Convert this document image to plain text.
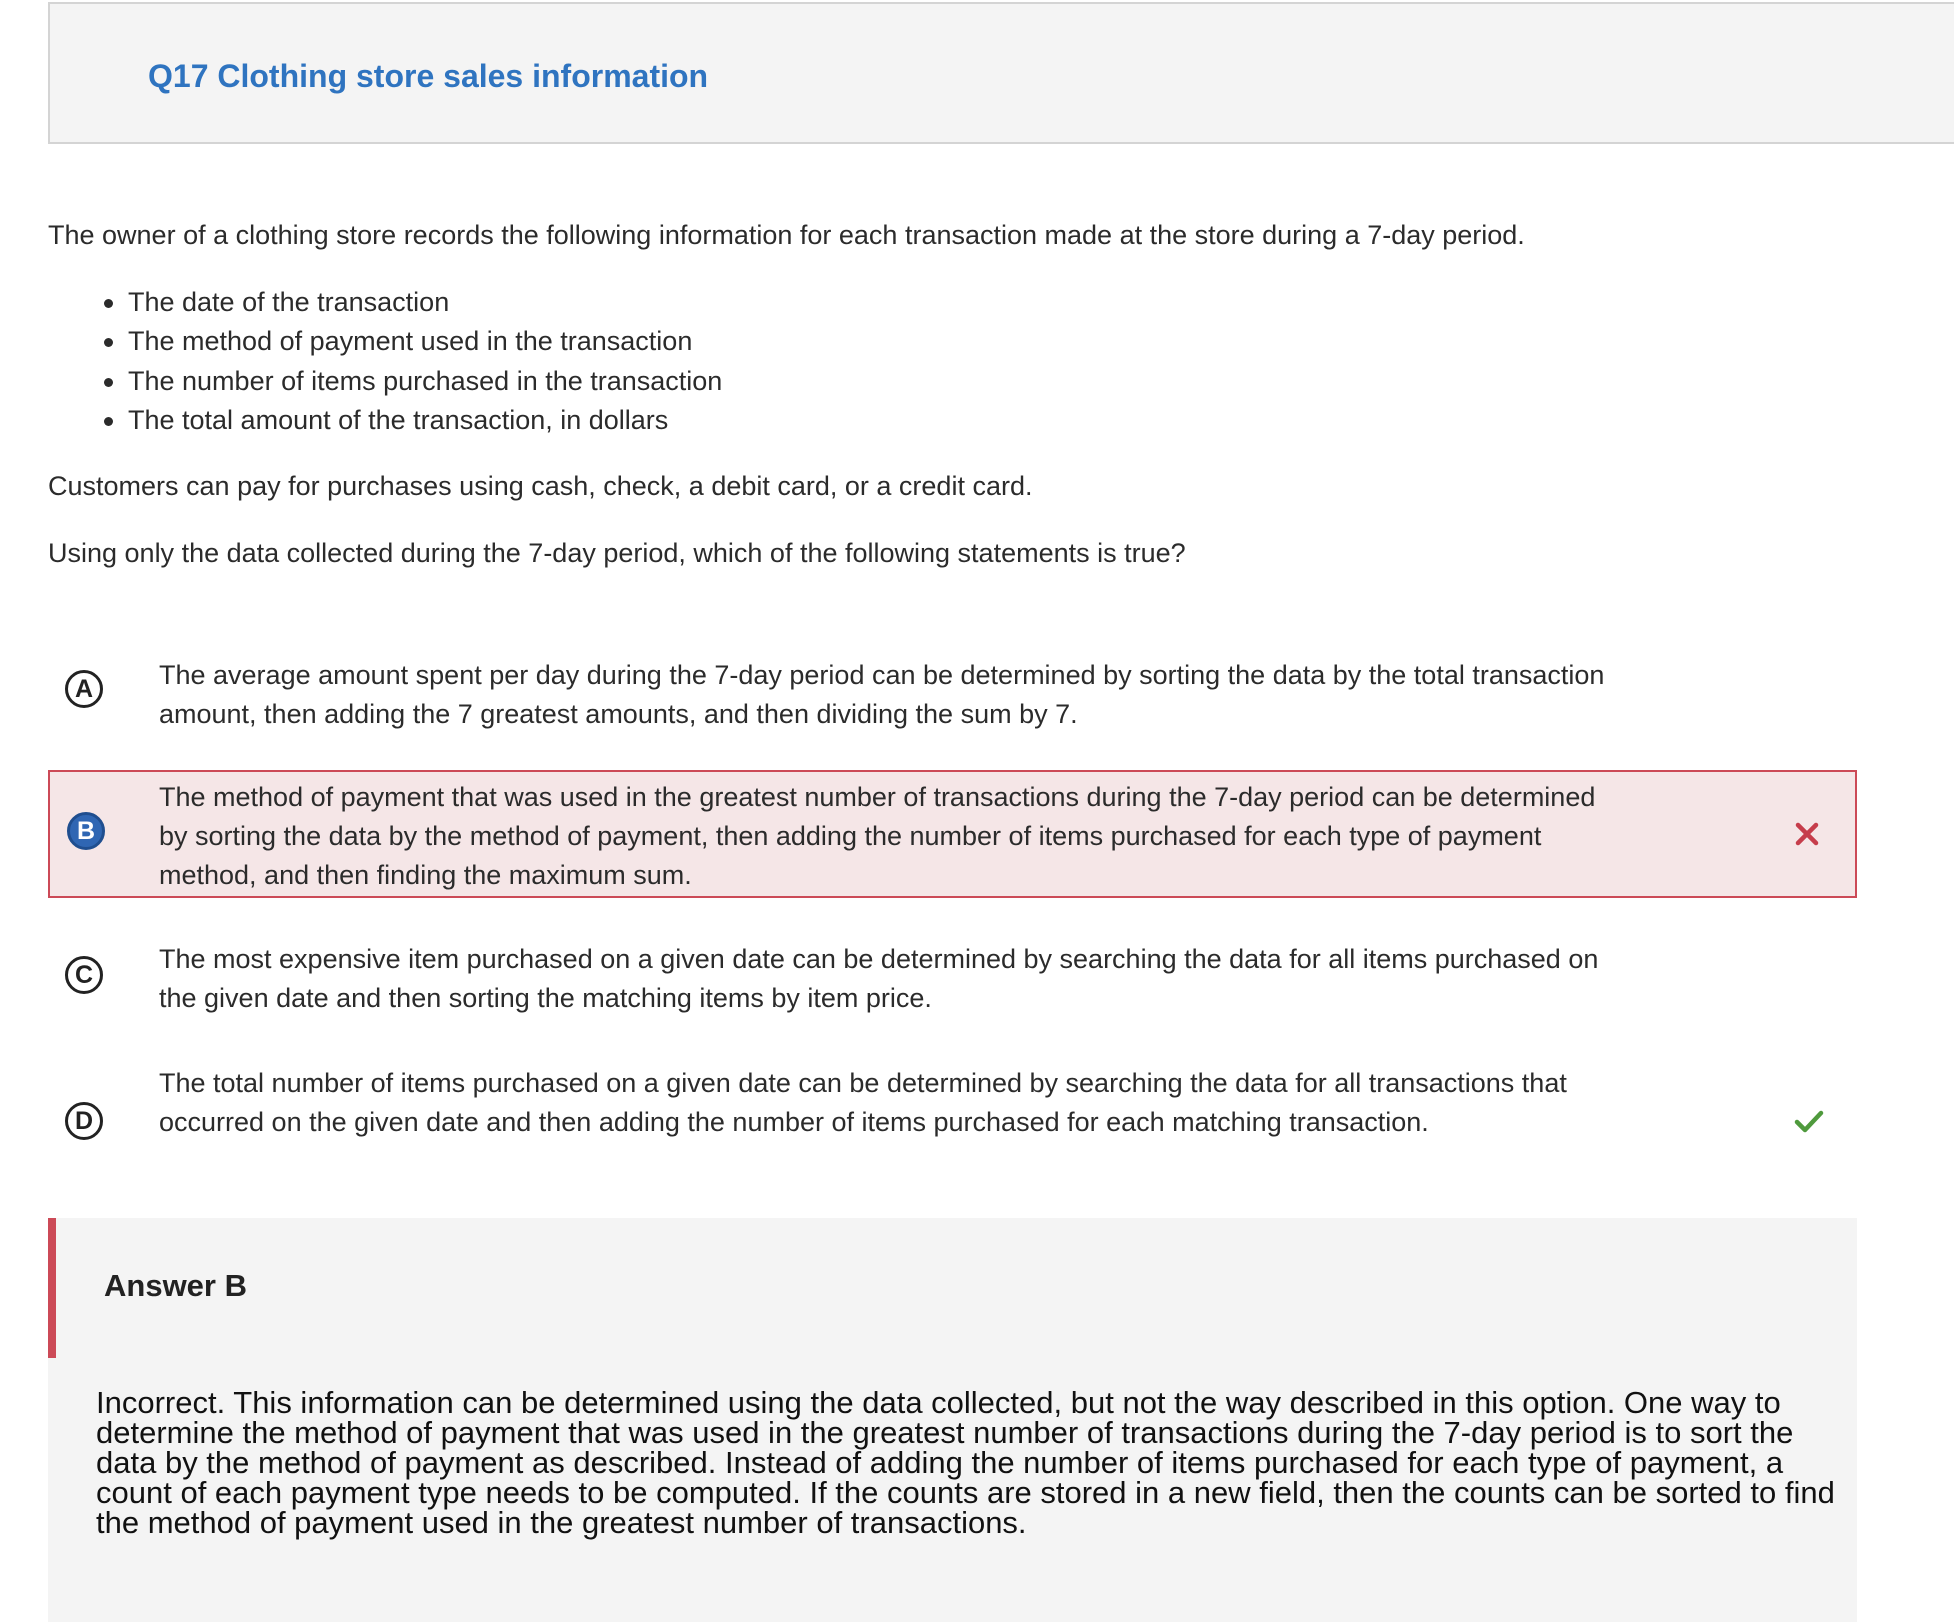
Q17 Clothing store sales information

The owner of a clothing store records the following information for each transaction made at the store during a 7-day period.

The date of the transaction
The method of payment used in the transaction
The number of items purchased in the transaction
The total amount of the transaction, in dollars

Customers can pay for purchases using cash, check, a debit card, or a credit card.

Using only the data collected during the 7-day period, which of the following statements is true?

A	The average amount spent per day during the 7-day period can be determined by sorting the data by the total transaction amount, then adding the 7 greatest amounts, and then dividing the sum by 7.

B

The method of payment that was used in the greatest number of transactions during the 7-day period can be determined by sorting the data by the method of payment, then adding the number of items purchased for each type of payment method, and then finding the maximum sum.

C

The most expensive item purchased on a given date can be determined by searching the data for all items purchased on the given date and then sorting the matching items by item price.

D

The total number of items purchased on a given date can be determined by searching the data for all transactions that occurred on the given date and then adding the number of items purchased for each matching transaction.

Answer B

Incorrect. This information can be determined using the data collected, but not the way described in this option. One way to determine the method of payment that was used in the greatest number of transactions during the 7-day period is to sort the data by the method of payment as described. Instead of adding the number of items purchased for each type of payment, a count of each payment type needs to be computed. If the counts are stored in a new field, then the counts can be sorted to find the method of payment used in the greatest number of transactions.
